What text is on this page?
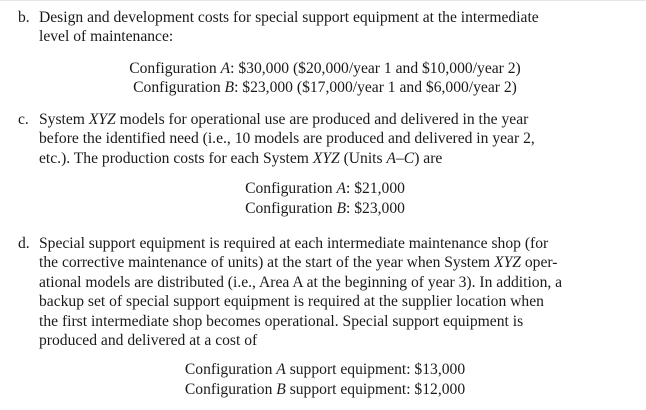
b. Design and development costs for special support equipment at the intermediate
level of maintenance:
Configuration A: $30,000 ($20,000/year 1 and $10,000/year 2)
Configuration B: $23,000 ($17,000/year 1 and $6,000/year 2)
c. System XYZ models for operational use are produced and delivered in the year
before the identified need (i.e., 10 models are produced and delivered in year 2,
etc.). The production costs for each System XYZ (Units A–C) are
Configuration A: $21,000
Configuration B: $23,000
d. Special support equipment is required at each intermediate maintenance shop (for
the corrective maintenance of units) at the start of the year when System XYZ oper-
ational models are distributed (i.e., Area A at the beginning of year 3). In addition, a
backup set of special support equipment is required at the supplier location when
the first intermediate shop becomes operational. Special support equipment is
produced and delivered at a cost of
Configuration A support equipment: $13,000
Configuration B support equipment: $12,000
